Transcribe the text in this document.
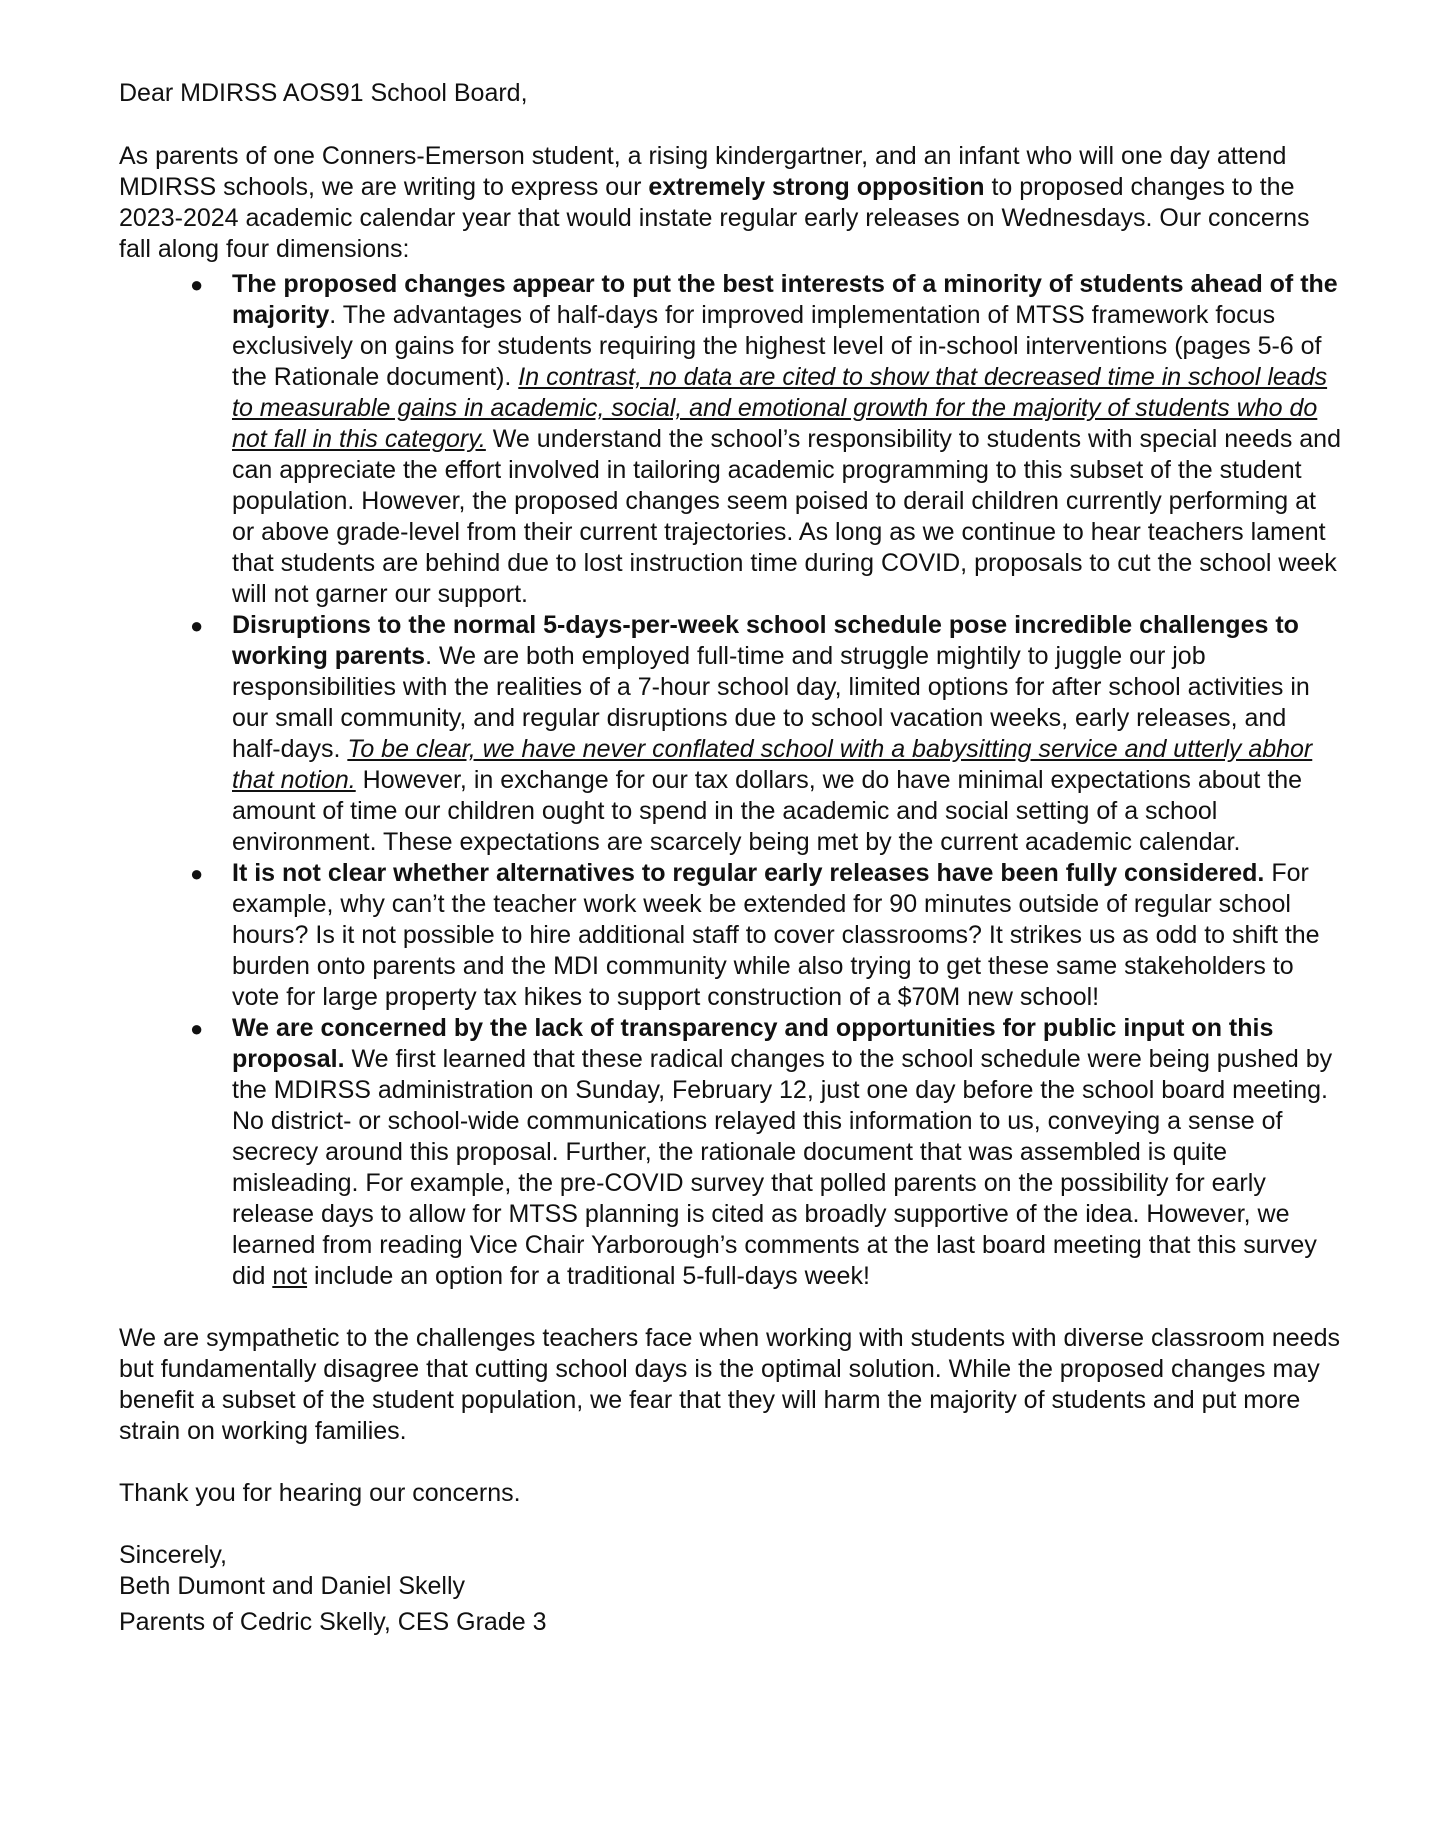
Dear MDIRSS AOS91 School Board,

As parents of one Conners-Emerson student, a rising kindergartner, and an infant who will one day attend MDIRSS schools, we are writing to express our extremely strong opposition to proposed changes to the 2023-2024 academic calendar year that would instate regular early releases on Wednesdays. Our concerns fall along four dimensions:

● The proposed changes appear to put the best interests of a minority of students ahead of the majority. The advantages of half-days for improved implementation of MTSS framework focus exclusively on gains for students requiring the highest level of in-school interventions (pages 5-6 of the Rationale document). In contrast, no data are cited to show that decreased time in school leads to measurable gains in academic, social, and emotional growth for the majority of students who do not fall in this category. We understand the school’s responsibility to students with special needs and can appreciate the effort involved in tailoring academic programming to this subset of the student population. However, the proposed changes seem poised to derail children currently performing at or above grade-level from their current trajectories. As long as we continue to hear teachers lament that students are behind due to lost instruction time during COVID, proposals to cut the school week will not garner our support.
● Disruptions to the normal 5-days-per-week school schedule pose incredible challenges to working parents. We are both employed full-time and struggle mightily to juggle our job responsibilities with the realities of a 7-hour school day, limited options for after school activities in our small community, and regular disruptions due to school vacation weeks, early releases, and half-days. To be clear, we have never conflated school with a babysitting service and utterly abhor that notion. However, in exchange for our tax dollars, we do have minimal expectations about the amount of time our children ought to spend in the academic and social setting of a school environment. These expectations are scarcely being met by the current academic calendar.
● It is not clear whether alternatives to regular early releases have been fully considered. For example, why can’t the teacher work week be extended for 90 minutes outside of regular school hours? Is it not possible to hire additional staff to cover classrooms? It strikes us as odd to shift the burden onto parents and the MDI community while also trying to get these same stakeholders to vote for large property tax hikes to support construction of a $70M new school!
● We are concerned by the lack of transparency and opportunities for public input on this proposal. We first learned that these radical changes to the school schedule were being pushed by the MDIRSS administration on Sunday, February 12, just one day before the school board meeting. No district- or school-wide communications relayed this information to us, conveying a sense of secrecy around this proposal. Further, the rationale document that was assembled is quite misleading. For example, the pre-COVID survey that polled parents on the possibility for early release days to allow for MTSS planning is cited as broadly supportive of the idea. However, we learned from reading Vice Chair Yarborough’s comments at the last board meeting that this survey did not include an option for a traditional 5-full-days week!

We are sympathetic to the challenges teachers face when working with students with diverse classroom needs but fundamentally disagree that cutting school days is the optimal solution. While the proposed changes may benefit a subset of the student population, we fear that they will harm the majority of students and put more strain on working families.

Thank you for hearing our concerns.

Sincerely,

Beth Dumont and Daniel Skelly

Parents of Cedric Skelly, CES Grade 3
